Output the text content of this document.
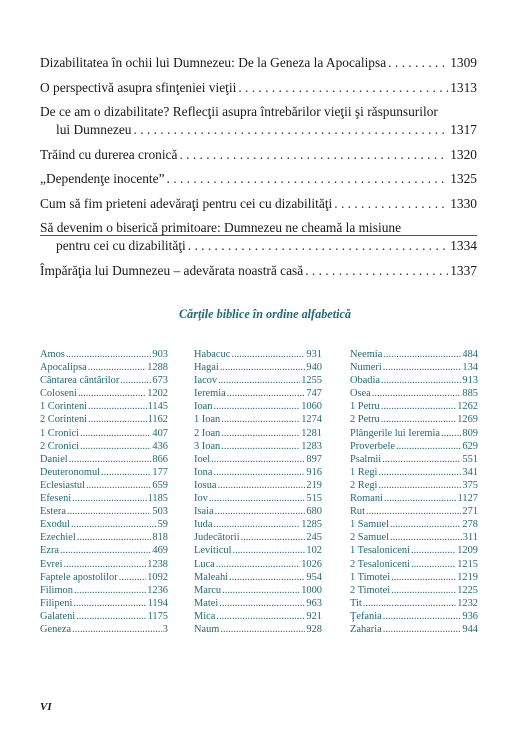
Dizabilitatea în ochii lui Dumnezeu: De la Geneza la Apocalipsa . . .	1309
O perspectivă asupra sfinţeniei vieţii . . .	1313
De ce am o dizabilitate? Reflecţii asupra întrebărilor vieţii şi răspunsurilor
lui Dumnezeu . . .	1317
Trăind cu durerea cronică . . .	1320
„Dependenţe inocente” . . .	1325
Cum să fim prieteni adevăraţi pentru cei cu dizabilităţi . . .	1330
Să devenim o biserică primitoare: Dumnezeu ne cheamă la misiune
pentru cei cu dizabilităţi . . .	1334
Împărăţia lui Dumnezeu – adevărata noastră casă . . .	1337
Cărţile biblice în ordine alfabetică
Amos .....	903
Apocalipsa .....	1288
Cântarea cântărilor .....	673
Coloseni .....	1202
1 Corinteni .....	1145
2 Corinteni .....	1162
1 Cronici .....	407
2 Cronici .....	436
Daniel .....	866
Deuteronomul .....	177
Eclesiastul .....	659
Efeseni .....	1185
Estera .....	503
Exodul .....	59
Ezechiel .....	818
Ezra .....	469
Evrei .....	1238
Faptele apostolilor .....	1092
Filimon .....	1236
Filipeni .....	1194
Galateni .....	1175
Geneza .....	3
Habacuc .....	931
Hagai .....	940
Iacov .....	1255
Ieremia .....	747
Ioan .....	1060
1 Ioan .....	1274
2 Ioan .....	1281
3 Ioan .....	1283
Ioel .....	897
Iona .....	916
Iosua .....	219
Iov .....	515
Isaia .....	680
Iuda .....	1285
Judecătorii .....	245
Leviticul .....	102
Luca .....	1026
Maleahi .....	954
Marcu .....	1000
Matei .....	963
Mica .....	921
Naum .....	928
Neemia .....	484
Numeri .....	134
Obadia .....	913
Osea .....	885
1 Petru .....	1262
2 Petru .....	1269
Plângerile lui Ieremia ..... 809
Proverbele .....	629
Psalmii .....	551
1 Regi .....	341
2 Regi .....	375
Romani .....	1127
Rut .....	271
1 Samuel .....	278
2 Samuel .....	311
1 Tesaloniceni .....	1209
2 Tesaloniceni .....	1215
1 Timotei .....	1219
2 Timotei .....	1225
Tit .....	1232
Ţefania .....	936
Zaharia .....	944
VI
